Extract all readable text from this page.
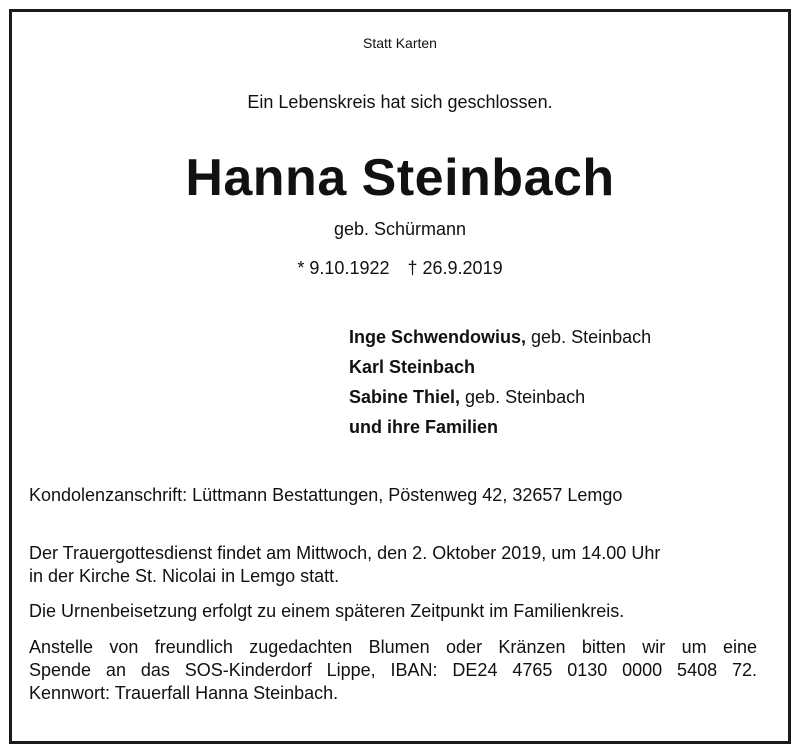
Statt Karten
Ein Lebenskreis hat sich geschlossen.
Hanna Steinbach
geb. Schürmann
* 9.10.1922 † 26.9.2019
Inge Schwendowius, geb. Steinbach
Karl Steinbach
Sabine Thiel, geb. Steinbach
und ihre Familien
Kondolenzanschrift: Lüttmann Bestattungen, Pöstenweg 42, 32657 Lemgo
Der Trauergottesdienst findet am Mittwoch, den 2. Oktober 2019, um 14.00 Uhr
in der Kirche St. Nicolai in Lemgo statt.
Die Urnenbeisetzung erfolgt zu einem späteren Zeitpunkt im Familienkreis.
Anstelle von freundlich zugedachten Blumen oder Kränzen bitten wir um eine
Spende an das SOS-Kinderdorf Lippe, IBAN: DE24 4765 0130 0000 5408 72.
Kennwort: Trauerfall Hanna Steinbach.
